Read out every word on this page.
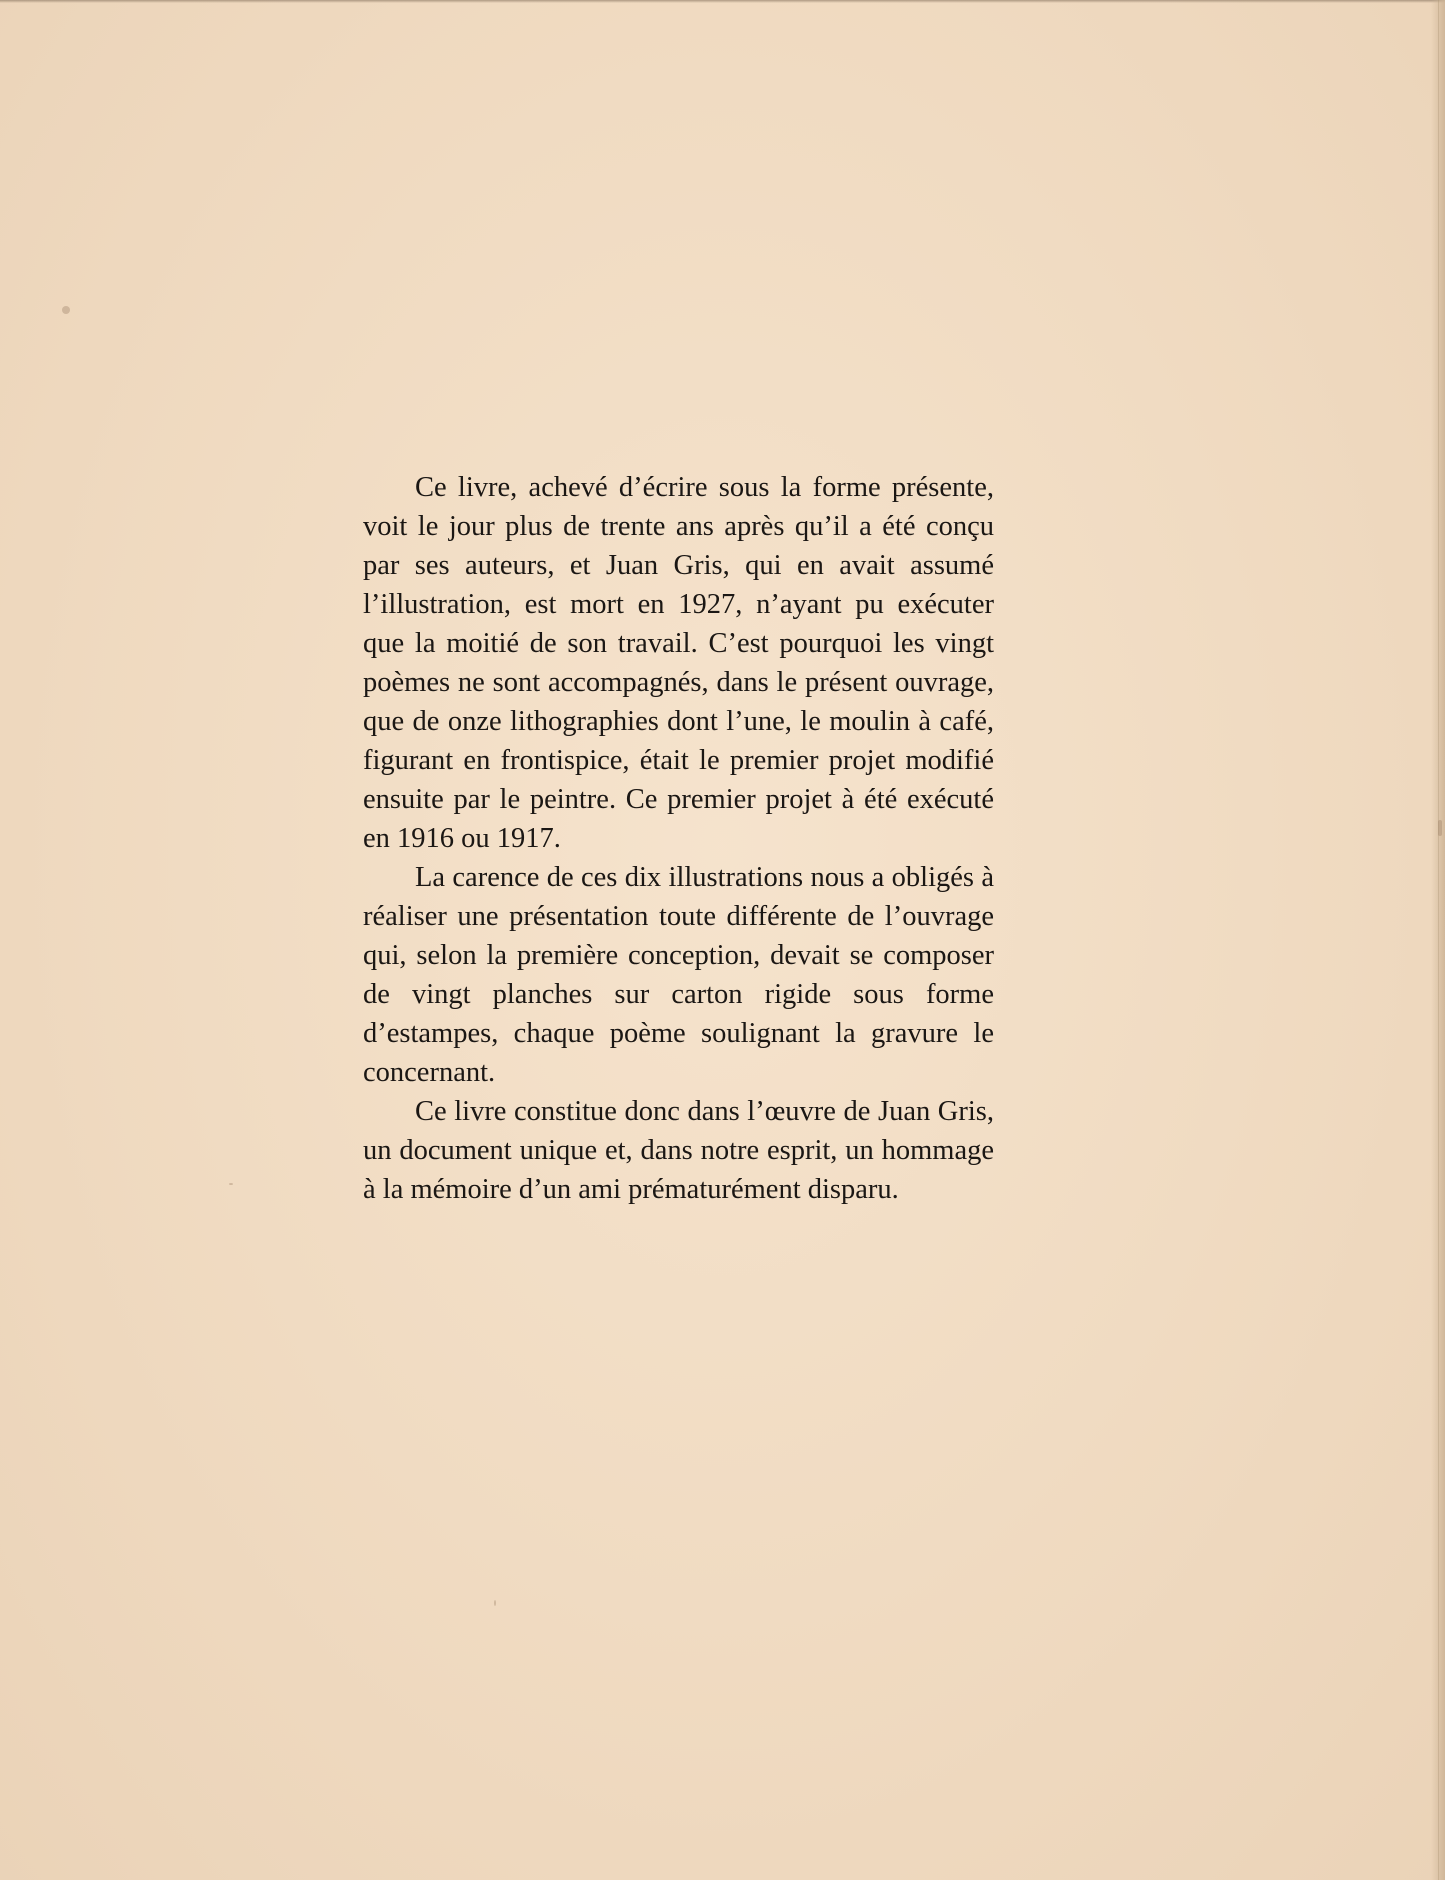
Ce livre, achevé d’écrire sous la forme présente, voit le jour plus de trente ans après qu’il a été conçu par ses auteurs, et Juan Gris, qui en avait assumé l’illustration, est mort en 1927, n’ayant pu exécuter que la moitié de son travail. C’est pourquoi les vingt poèmes ne sont accompagnés, dans le présent ouvrage, que de onze lithographies dont l’une, le moulin à café, figurant en frontispice, était le premier projet modifié ensuite par le peintre. Ce premier projet à été exécuté en 1916 ou 1917.

La carence de ces dix illustrations nous a obligés à réaliser une présentation toute différente de l’ouvrage qui, selon la première conception, devait se composer de vingt planches sur carton rigide sous forme d’estampes, chaque poème soulignant la gravure le concernant.

Ce livre constitue donc dans l’œuvre de Juan Gris, un document unique et, dans notre esprit, un hommage à la mémoire d’un ami prématurément disparu.
